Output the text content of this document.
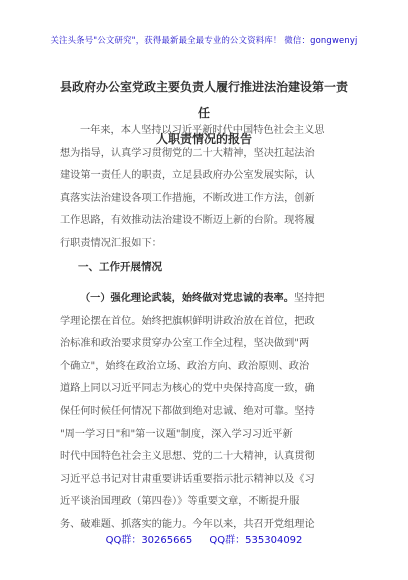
关注头条号"公文研究"，获得最新最全最专业的公文资料库！ 微信：gongwenyj
县政府办公室党政主要负责人履行推进法治建设第一责任
人职责情况的报告
一年来，本人坚持以习近平新时代中国特色社会主义思
想为指导，认真学习贯彻党的二十大精神，坚决扛起法治
建设第一责任人的职责，立足县政府办公室发展实际，认
真落实法治建设各项工作措施，不断改进工作方法，创新
工作思路，有效推动法治建设不断迈上新的台阶。现将履
行职责情况汇报如下：
一、工作开展情况
（一）强化理论武装，始终做对党忠诚的表率。坚持把
学理论摆在首位。始终把旗帜鲜明讲政治放在首位，把政
治标准和政治要求贯穿办公室工作全过程，坚决做到"两
个确立"，始终在政治立场、政治方向、政治原则、政治
道路上同以习近平同志为核心的党中央保持高度一致，确
保任何时候任何情况下都做到绝对忠诚、绝对可靠。坚持
"周一学习日"和"第一议题"制度，深入学习习近平新
时代中国特色社会主义思想、党的二十大精神，认真贯彻
习近平总书记对甘肃重要讲话重要指示批示精神以及《习
近平谈治国理政（第四卷）》等重要文章，不断提升服
务、破难题、抓落实的能力。今年以来，共召开党组理论
QQ群：30265665 QQ群：535304092
